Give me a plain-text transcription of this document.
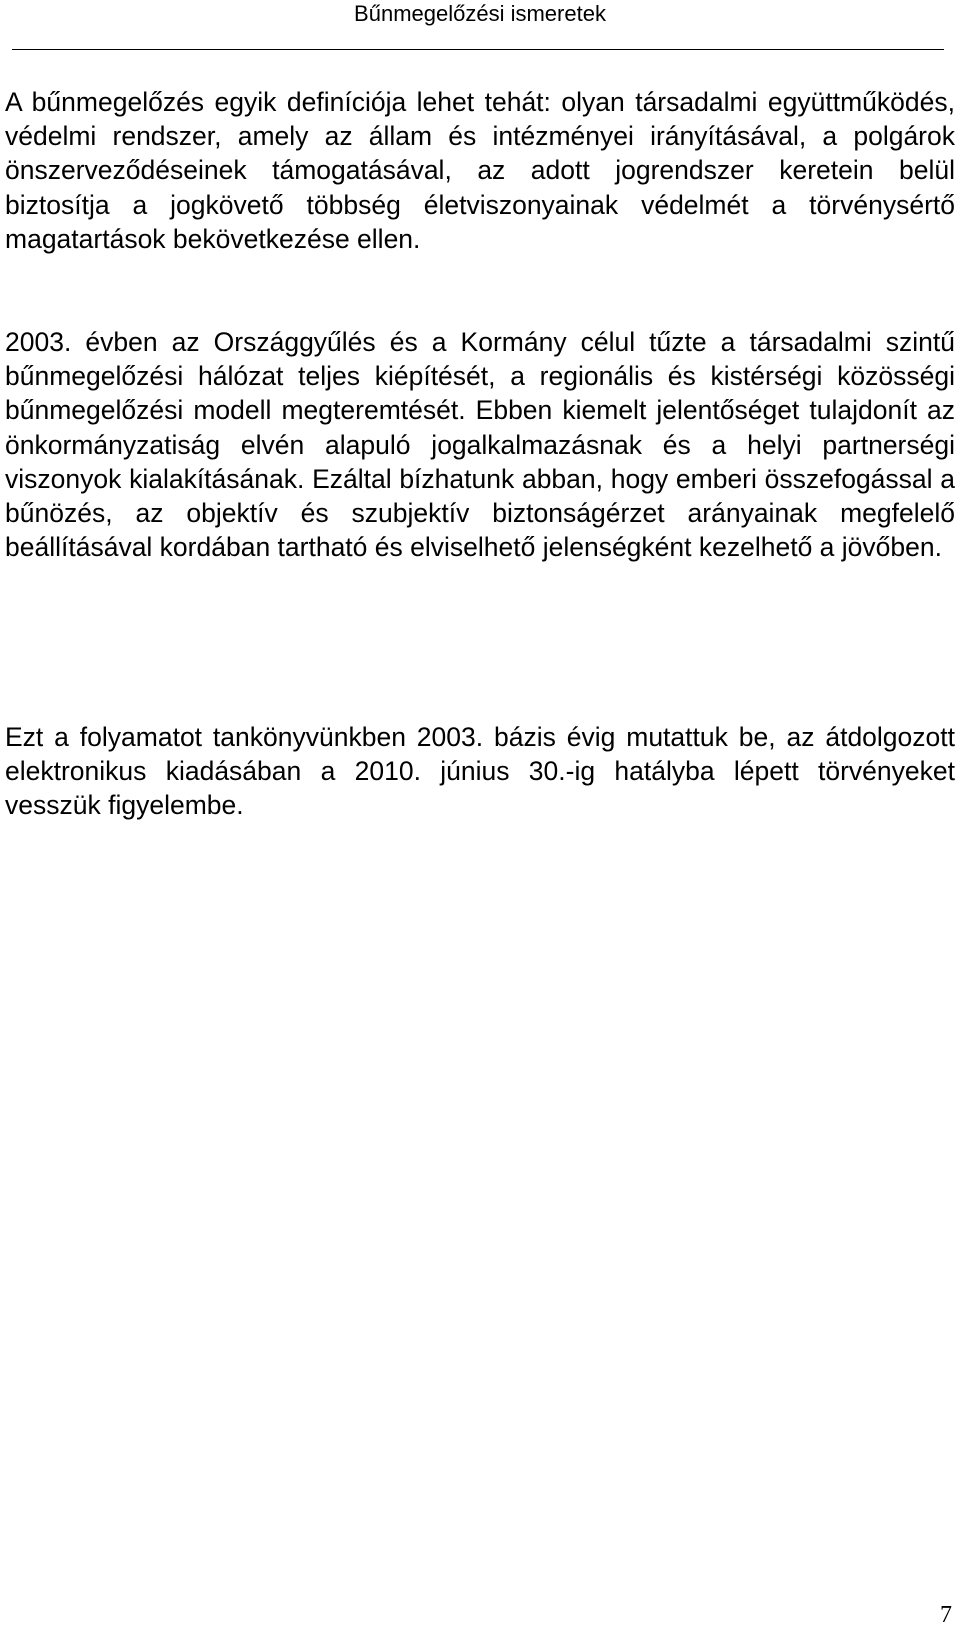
Bűnmegelőzési ismeretek

A bűnmegelőzés egyik definíciója lehet tehát: olyan társadalmi együttműködés, védelmi rendszer, amely az állam és intézményei irányításával, a polgárok önszerveződéseinek támogatásával, az adott jogrendszer keretein belül biztosítja a jogkövető többség életviszonyainak védelmét a törvénysértő magatartások bekövetkezése ellen.

2003. évben az Országgyűlés és a Kormány célul tűzte a társadalmi szintű bűnmegelőzési hálózat teljes kiépítését, a regionális és kistérségi közösségi bűnmegelőzési modell megteremtését. Ebben kiemelt jelentőséget tulajdonít az önkormányzatiság elvén alapuló jogalkalmazásnak és a helyi partnerségi viszonyok kialakításának. Ezáltal bízhatunk abban, hogy emberi összefogással a bűnözés, az objektív és szubjektív biztonságérzet arányainak megfelelő beállításával kordában tartható és elviselhető jelenségként kezelhető a jövőben.

Ezt a folyamatot tankönyvünkben 2003. bázis évig mutattuk be, az átdolgozott elektronikus kiadásában a 2010. június 30.-ig hatályba lépett törvényeket vesszük figyelembe.

7
